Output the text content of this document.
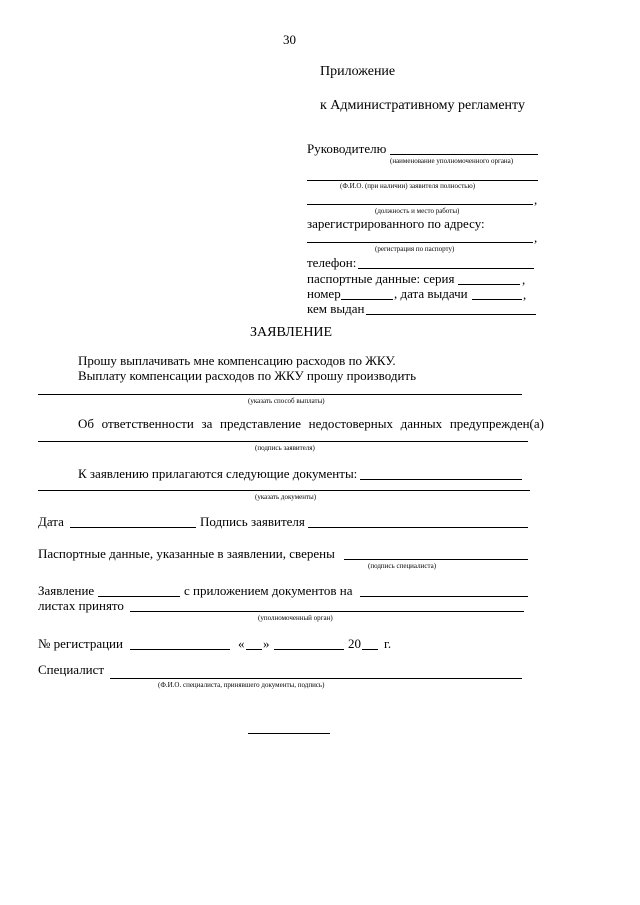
30
Приложение
к Административному регламенту
Руководителю
(наименование уполномоченного органа)
(Ф.И.О. (при наличии) заявителя полностью)
,
(должность и место работы)
зарегистрированного по адресу:
,
(регистрация по паспорту)
телефон:
паспортные данные: серия	,
номер	, дата выдачи	,
кем выдан
ЗАЯВЛЕНИЕ
Прошу выплачивать мне компенсацию расходов по ЖКУ.
Выплату компенсации расходов по ЖКУ прошу производить
(указать способ выплаты)
Об ответственности за представление недостоверных данных предупрежден(а)
(подпись заявителя)
К заявлению прилагаются следующие документы:
(указать документы)
Дата	Подпись заявителя
Паспортные данные, указанные в заявлении, сверены
(подпись специалиста)
Заявление	с приложением документов на
листах принято
(уполномоченный орган)
№ регистрации	« »	20 г.
Специалист
(Ф.И.О. специалиста, принявшего документы, подпись)
